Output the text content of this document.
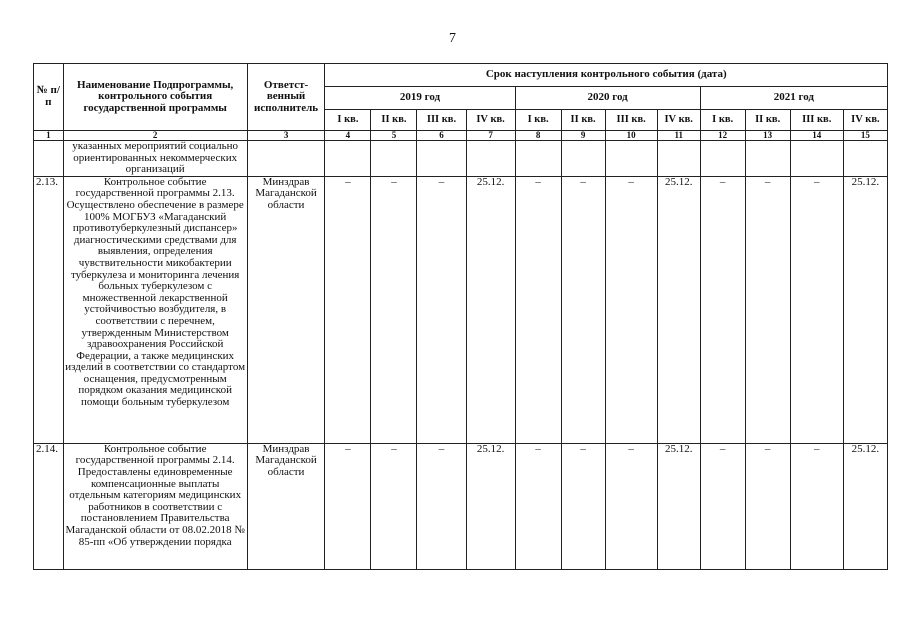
7
№ п/п	Наименование Подпрограммы, контрольного события государственной программы	Ответст-венный исполнитель	Срок наступления контрольного события (дата)											
			2019 год				2020 год				2021 год			
			I кв.	II кв.	III кв.	IV кв.	I кв.	II кв.	III кв.	IV кв.	I кв.	II кв.	III кв.	IV кв.
1	2	3	4	5	6	7	8	9	10	11	12	13	14	15
	указанных мероприятий социально ориентированных некоммерческих организаций													
2.13.	Контрольное событие государственной программы 2.13. Осуществлено обеспечение в размере 100% МОГБУЗ «Магаданский противотуберкулезный диспансер» диагностическими средствами для выявления, определения чувствительности микобактерии туберкулеза и мониторинга лечения больных туберкулезом с множественной лекарственной устойчивостью возбудителя, в соответствии с перечнем, утвержденным Министерством здравоохранения Российской Федерации, а также медицинских изделий в соответствии со стандартом оснащения, предусмотренным порядком оказания медицинской помощи больным туберкулезом	Минздрав Магаданской области	–	–	–	25.12.	–	–	–	25.12.	–	–	–	25.12.
2.14.	Контрольное событие государственной программы 2.14. Предоставлены единовременные компенсационные выплаты отдельным категориям медицинских работников в соответствии с постановлением Правительства Магаданской области от 08.02.2018 № 85-пп «Об утверждении порядка	Минздрав Магаданской области	–	–	–	25.12.	–	–	–	25.12.	–	–	–	25.12.
